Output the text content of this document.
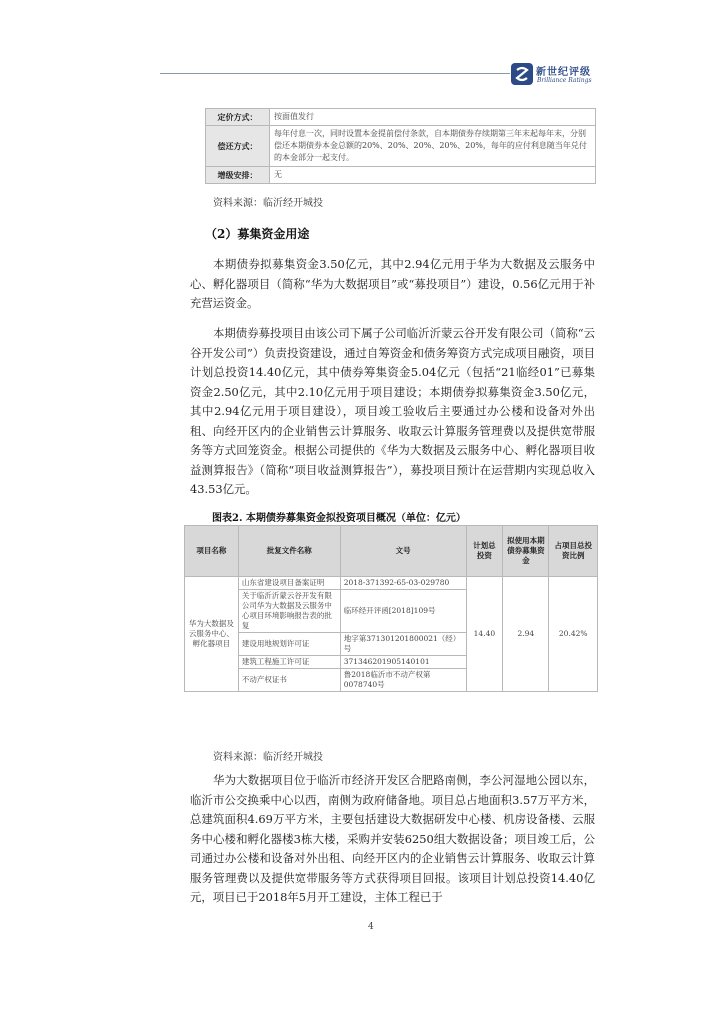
新世纪评级
Brilliance Ratings
定价方式：	按面值发行
偿还方式：	每年付息一次，同时设置本金提前偿付条款，自本期债券存续期第三年末起每年末，分别偿还本期债券本金总额的20%、20%、20%、20%、20%，每年的应付利息随当年兑付的本金部分一起支付。
增级安排：	无
资料来源：临沂经开城投
（2）募集资金用途

本期债券拟募集资金3.50亿元，其中2.94亿元用于华为大数据及云服务中心、孵化器项目（简称“华为大数据项目”或“募投项目”）建设，0.56亿元用于补充营运资金。

本期债券募投项目由该公司下属子公司临沂沂蒙云谷开发有限公司（简称“云谷开发公司”）负责投资建设，通过自筹资金和债务筹资方式完成项目融资，项目计划总投资14.40亿元，其中债券筹集资金5.04亿元（包括“21临经01”已募集资金2.50亿元，其中2.10亿元用于项目建设；本期债券拟募集资金3.50亿元，其中2.94亿元用于项目建设），项目竣工验收后主要通过办公楼和设备对外出租、向经开区内的企业销售云计算服务、收取云计算服务管理费以及提供宽带服务等方式回笼资金。根据公司提供的《华为大数据及云服务中心、孵化器项目收益测算报告》（简称“项目收益测算报告”），募投项目预计在运营期内实现总收入43.53亿元。

图表2. 本期债券募集资金拟投资项目概况（单位：亿元）
项目名称	批复文件名称	文号	计划总投资	拟使用本期债券募集资金	占项目总投资比例
华为大数据及云服务中心、孵化器项目	山东省建设项目备案证明	2018-371392-65-03-029780	14.40	2.94	20.42%
	关于临沂沂蒙云谷开发有限公司华为大数据及云服务中心项目环境影响报告表的批复	临环经开评函[2018]109号			
	建设用地规划许可证	地字第371301201800021（经）号			
	建筑工程施工许可证	371346201905140101			
	不动产权证书	鲁2018临沂市不动产权第0078740号			
资料来源：临沂经开城投

华为大数据项目位于临沂市经济开发区合肥路南侧，李公河湿地公园以东，临沂市公交换乘中心以西，南侧为政府储备地。项目总占地面积3.57万平方米，总建筑面积4.69万平方米，主要包括建设大数据研发中心楼、机房设备楼、云服务中心楼和孵化器楼3栋大楼，采购并安装6250组大数据设备；项目竣工后，公司通过办公楼和设备对外出租、向经开区内的企业销售云计算服务、收取云计算服务管理费以及提供宽带服务等方式获得项目回报。该项目计划总投资14.40亿元，项目已于2018年5月开工建设，主体工程已于

4
